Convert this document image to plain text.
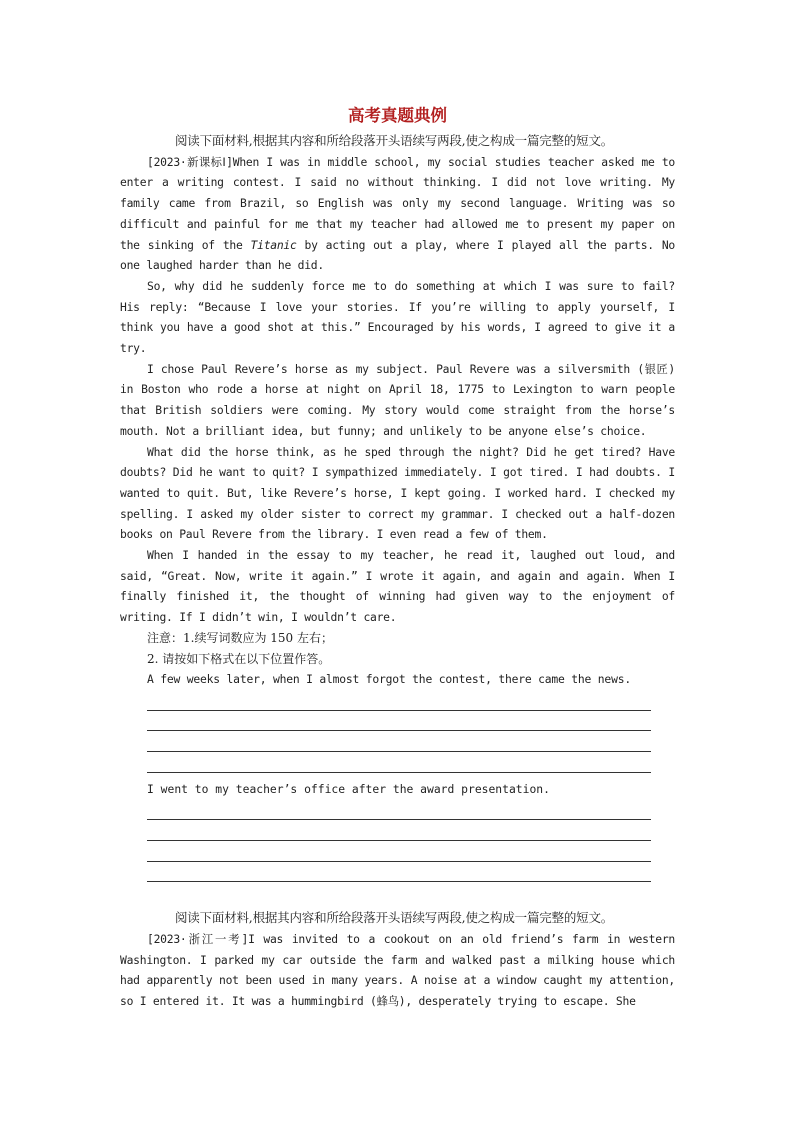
高考真题典例
阅读下面材料,根据其内容和所给段落开头语续写两段,使之构成一篇完整的短文。

[2023·新课标Ⅰ]When I was in middle school, my social studies teacher asked me to enter a writing contest. I said no without thinking. I did not love writing. My family came from Brazil, so English was only my second language. Writing was so difficult and painful for me that my teacher had allowed me to present my paper on the sinking of the Titanic by acting out a play, where I played all the parts. No one laughed harder than he did.

So, why did he suddenly force me to do something at which I was sure to fail? His reply: “Because I love your stories. If you’re willing to apply yourself, I think you have a good shot at this.” Encouraged by his words, I agreed to give it a try.

I chose Paul Revere’s horse as my subject. Paul Revere was a silversmith (银匠) in Boston who rode a horse at night on April 18, 1775 to Lexington to warn people that British soldiers were coming. My story would come straight from the horse’s mouth. Not a brilliant idea, but funny; and unlikely to be anyone else’s choice.

What did the horse think, as he sped through the night? Did he get tired? Have doubts? Did he want to quit? I sympathized immediately. I got tired. I had doubts. I wanted to quit. But, like Revere’s horse, I kept going. I worked hard. I checked my spelling. I asked my older sister to correct my grammar. I checked out a half-dozen books on Paul Revere from the library. I even read a few of them.

When I handed in the essay to my teacher, he read it, laughed out loud, and said, “Great. Now, write it again.” I wrote it again, and again and again. When I finally finished it, the thought of winning had given way to the enjoyment of writing. If I didn’t win, I wouldn’t care.

注意：1.续写词数应为 150 左右；
2. 请按如下格式在以下位置作答。
A few weeks later, when I almost forgot the contest, there came the news.
I went to my teacher’s office after the award presentation.
阅读下面材料,根据其内容和所给段落开头语续写两段,使之构成一篇完整的短文。

[2023·浙江一考]I was invited to a cookout on an old friend’s farm in western Washington. I parked my car outside the farm and walked past a milking house which had apparently not been used in many years. A noise at a window caught my attention, so I entered it. It was a hummingbird (蜂鸟), desperately trying to escape. She
